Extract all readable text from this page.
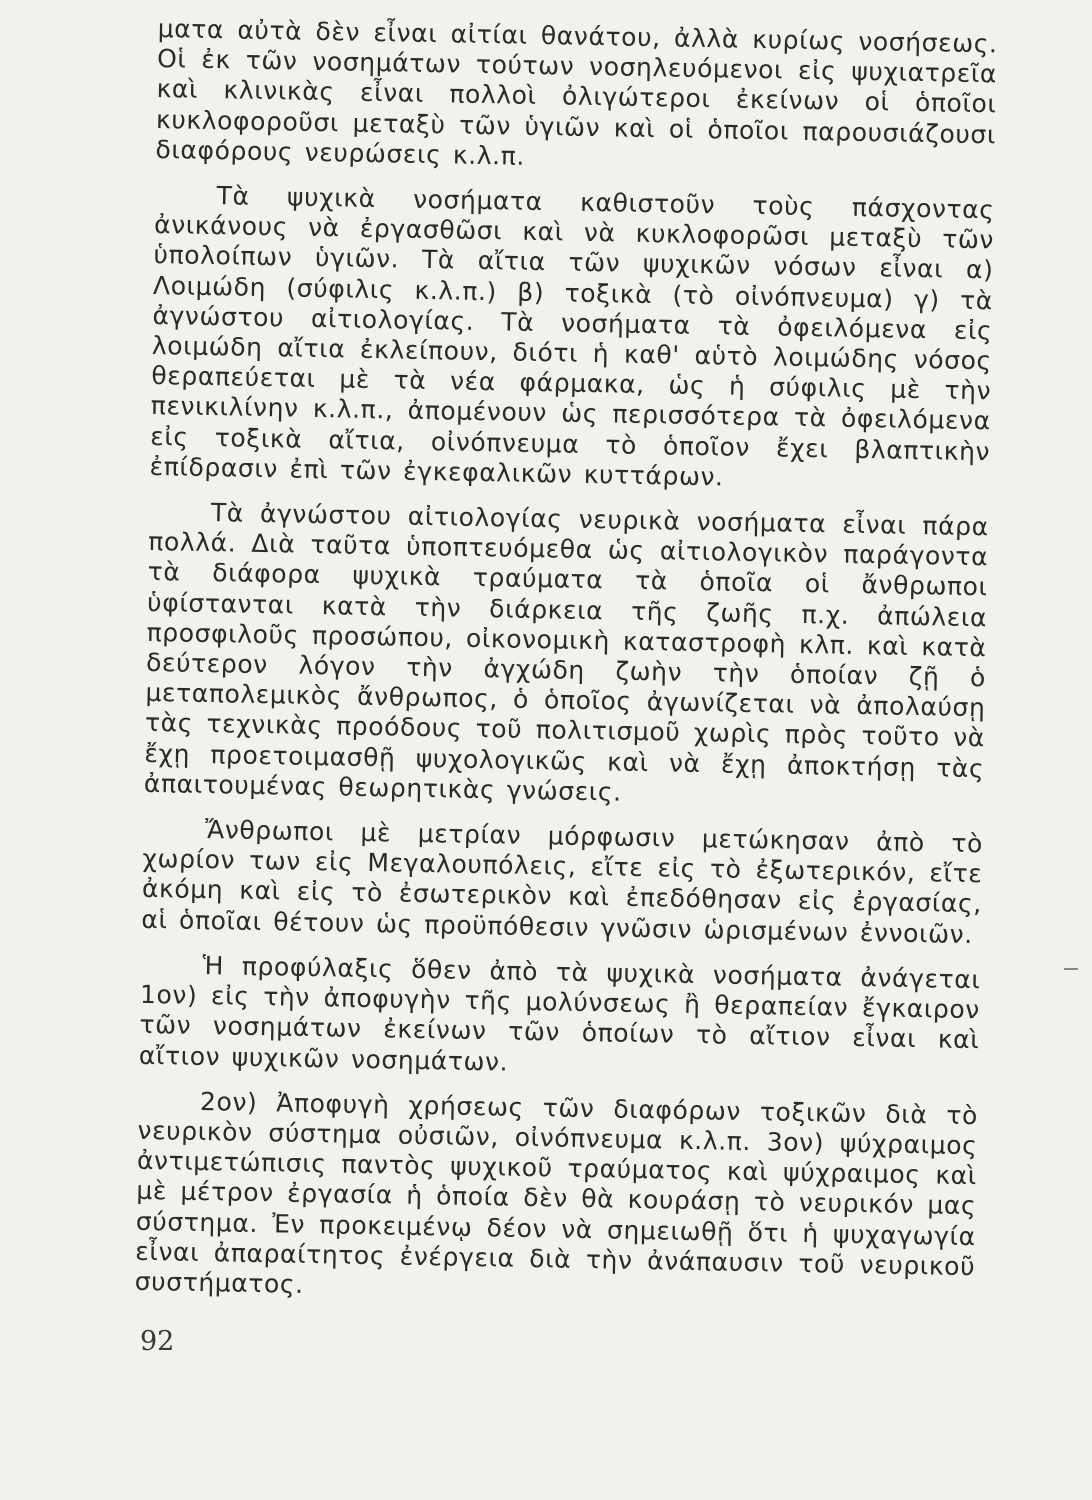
ματα αὐτὰ δὲν εἶναι αἰτίαι θανάτου, ἀλλὰ κυρίως νοσήσεως. Οἱ ἐκ τῶν νοσημάτων τούτων νοσηλευόμενοι εἰς ψυχιατρεῖα καὶ κλινικὰς εἶναι πολλοὶ ὀλιγώτεροι ἐκείνων οἱ ὁποῖοι κυκλοφοροῦσι μεταξὺ τῶν ὑγιῶν καὶ οἱ ὁποῖοι παρουσιάζουσι διαφόρους νευρώσεις κ.λ.π.

Τὰ ψυχικὰ νοσήματα καθιστοῦν τοὺς πάσχοντας ἀνικάνους νὰ ἐργασθῶσι καὶ νὰ κυκλοφορῶσι μεταξὺ τῶν ὑπολοίπων ὑγιῶν. Τὰ αἴτια τῶν ψυχικῶν νόσων εἶναι α) Λοιμώδη (σύφιλις κ.λ.π.) β) τοξικὰ (τὸ οἰνόπνευμα) γ) τὰ ἀγνώστου αἰτιολογίας. Τὰ νοσήματα τὰ ὀφειλόμενα εἰς λοιμώδη αἴτια ἐκλείπουν, διότι ἡ καθ' αὑτὸ λοιμώδης νόσος θεραπεύεται μὲ τὰ νέα φάρμακα, ὡς ἡ σύφιλις μὲ τὴν πενικιλίνην κ.λ.π., ἀπομένουν ὡς περισσότερα τὰ ὀφειλόμενα εἰς τοξικὰ αἴτια, οἰνόπνευμα τὸ ὁποῖον ἔχει βλαπτικὴν ἐπίδρασιν ἐπὶ τῶν ἐγκεφαλικῶν κυττάρων.

Τὰ ἀγνώστου αἰτιολογίας νευρικὰ νοσήματα εἶναι πάρα πολλά. Διὰ ταῦτα ὑποπτευόμεθα ὡς αἰτιολογικὸν παράγοντα τὰ διάφορα ψυχικὰ τραύματα τὰ ὁποῖα οἱ ἄνθρωποι ὑφίστανται κατὰ τὴν διάρκεια τῆς ζωῆς π.χ. ἀπώλεια προσφιλοῦς προσώπου, οἰκονομικὴ καταστροφὴ κλπ. καὶ κατὰ δεύτερον λόγον τὴν ἀγχώδη ζωὴν τὴν ὁποίαν ζῇ ὁ μεταπολεμικὸς ἄνθρωπος, ὁ ὁποῖος ἀγωνίζεται νὰ ἀπολαύσῃ τὰς τεχνικὰς προόδους τοῦ πολιτισμοῦ χωρὶς πρὸς τοῦτο νὰ ἔχῃ προετοιμασθῇ ψυχολογικῶς καὶ νὰ ἔχῃ ἀποκτήσῃ τὰς ἀπαιτουμένας θεωρητικὰς γνώσεις.

Ἄνθρωποι μὲ μετρίαν μόρφωσιν μετώκησαν ἀπὸ τὸ χωρίον των εἰς Μεγαλουπόλεις, εἴτε εἰς τὸ ἐξωτερικόν, εἴτε ἀκόμη καὶ εἰς τὸ ἐσωτερικὸν καὶ ἐπεδόθησαν εἰς ἐργασίας, αἱ ὁποῖαι θέτουν ὡς προϋπόθεσιν γνῶσιν ὡρισμένων ἐννοιῶν.

Ἡ προφύλαξις ὅθεν ἀπὸ τὰ ψυχικὰ νοσήματα ἀνάγεται 1ον) εἰς τὴν ἀποφυγὴν τῆς μολύνσεως ἢ θεραπείαν ἔγκαιρον τῶν νοσημάτων ἐκείνων τῶν ὁποίων τὸ αἴτιον εἶναι καὶ αἴτιον ψυχικῶν νοσημάτων.

2ον) Ἀποφυγὴ χρήσεως τῶν διαφόρων τοξικῶν διὰ τὸ νευρικὸν σύστημα οὐσιῶν, οἰνόπνευμα κ.λ.π. 3ον) ψύχραιμος ἀντιμετώπισις παντὸς ψυχικοῦ τραύματος καὶ ψύχραιμος καὶ μὲ μέτρον ἐργασία ἡ ὁποία δὲν θὰ κουράσῃ τὸ νευρικόν μας σύστημα. Ἐν προκειμένῳ δέον νὰ σημειωθῇ ὅτι ἡ ψυχαγωγία εἶναι ἀπαραίτητος ἐνέργεια διὰ τὴν ἀνάπαυσιν τοῦ νευρικοῦ συστήματος.

92
